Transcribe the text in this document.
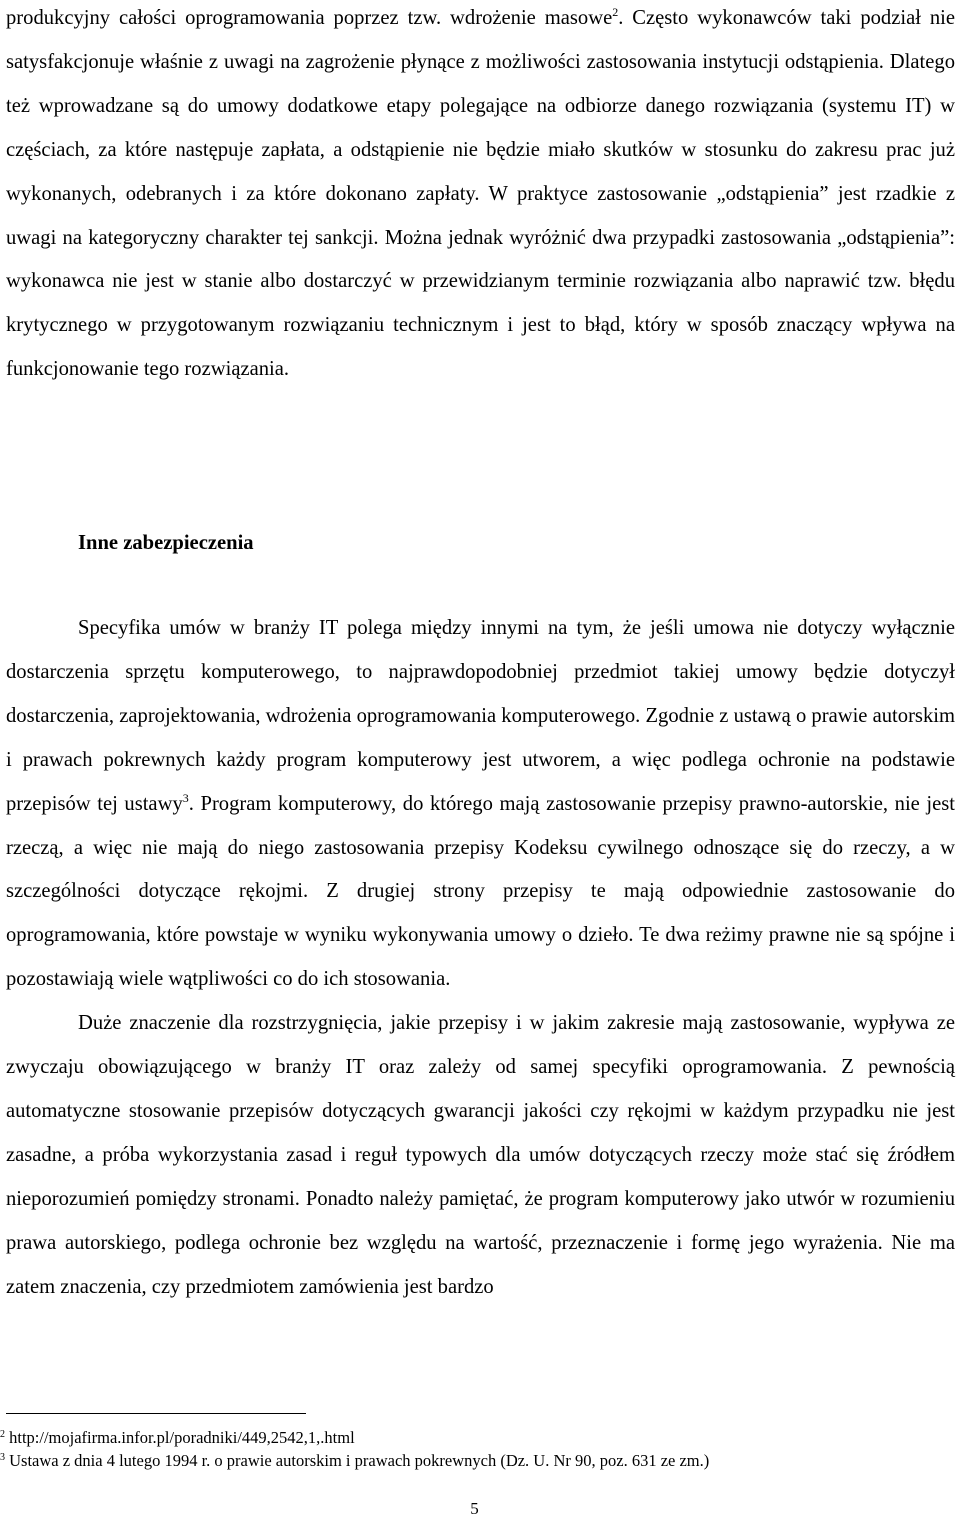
produkcyjny całości oprogramowania poprzez tzw. wdrożenie masowe$^2$. Często wykonawców taki podział nie satysfakcjonuje właśnie z uwagi na zagrożenie płynące z możliwości zastosowania instytucji odstąpienia. Dlatego też wprowadzane są do umowy dodatkowe etapy polegające na odbiorze danego rozwiązania (systemu IT) w częściach, za które następuje zapłata, a odstąpienie nie będzie miało skutków w stosunku do zakresu prac już wykonanych, odebranych i za które dokonano zapłaty. W praktyce zastosowanie „odstąpienia” jest rzadkie z uwagi na kategoryczny charakter tej sankcji. Można jednak wyróżnić dwa przypadki zastosowania „odstąpienia”: wykonawca nie jest w stanie albo dostarczyć w przewidzianym terminie rozwiązania albo naprawić tzw. błędu krytycznego w przygotowanym rozwiązaniu technicznym i jest to błąd, który w sposób znaczący wpływa na funkcjonowanie tego rozwiązania.

Inne zabezpieczenia

Specyfika umów w branży IT polega między innymi na tym, że jeśli umowa nie dotyczy wyłącznie dostarczenia sprzętu komputerowego, to najprawdopodobniej przedmiot takiej umowy będzie dotyczył dostarczenia, zaprojektowania, wdrożenia oprogramowania komputerowego. Zgodnie z ustawą o prawie autorskim i prawach pokrewnych każdy program komputerowy jest utworem, a więc podlega ochronie na podstawie przepisów tej ustawy$^3$. Program komputerowy, do którego mają zastosowanie przepisy prawno-autorskie, nie jest rzeczą, a więc nie mają do niego zastosowania przepisy Kodeksu cywilnego odnoszące się do rzeczy, a w szczególności dotyczące rękojmi. Z drugiej strony przepisy te mają odpowiednie zastosowanie do oprogramowania, które powstaje w wyniku wykonywania umowy o dzieło. Te dwa reżimy prawne nie są spójne i pozostawiają wiele wątpliwości co do ich stosowania.

Duże znaczenie dla rozstrzygnięcia, jakie przepisy i w jakim zakresie mają zastosowanie, wypływa ze zwyczaju obowiązującego w branży IT oraz zależy od samej specyfiki oprogramowania. Z pewnością automatyczne stosowanie przepisów dotyczących gwarancji jakości czy rękojmi w każdym przypadku nie jest zasadne, a próba wykorzystania zasad i reguł typowych dla umów dotyczących rzeczy może stać się źródłem nieporozumień pomiędzy stronami. Ponadto należy pamiętać, że program komputerowy jako utwór w rozumieniu prawa autorskiego, podlega ochronie bez względu na wartość, przeznaczenie i formę jego wyrażenia. Nie ma zatem znaczenia, czy przedmiotem zamówienia jest bardzo

$^2$ http://mojafirma.infor.pl/poradniki/449,2542,1,.html

$^3$ Ustawa z dnia 4 lutego 1994 r. o prawie autorskim i prawach pokrewnych (Dz. U. Nr 90, poz. 631 ze zm.)

5
